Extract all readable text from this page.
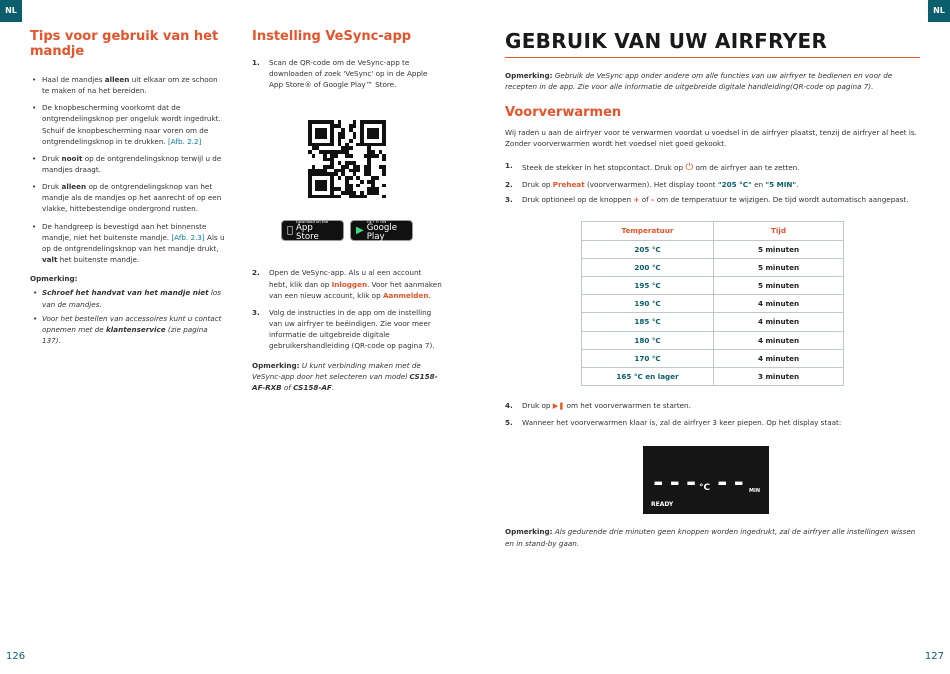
NL	NL
Tips voor gebruik van het mandje
• Haal de mandjes alleen uit elkaar om ze schoon te maken of na het bereiden.
• De knopbescherming voorkomt dat de ontgrendelingsknop per ongeluk wordt ingedrukt. Schuif de knopbescherming naar voren om de ontgrendelingsknop in te drukken. [Afb. 2.2]
• Druk nooit op de ontgrendelingsknop terwijl u de mandjes draagt.
• Druk alleen op de ontgrendelingsknop van het mandje als de mandjes op het aanrecht of op een vlakke, hittebestendige ondergrond rusten.
• De handgreep is bevestigd aan het binnenste mandje, niet het buitenste mandje. [Afb. 2.3] Als u op de ontgrendelingsknop van het mandje drukt, valt het buitenste mandje.
Opmerking:
• Schroef het handvat van het mandje niet los van de mandjes.
• Voor het bestellen van accessoires kunt u contact opnemen met de klantenservice (zie pagina 137).
Instelling VeSync-app
1. Scan de QR-code om de VeSync-app te downloaden of zoek 'VeSync' op in de Apple App Store® of Google Play™ Store.
Download on the
App Store ▶
GET IT ON
Google Play
2. Open de VeSync-app. Als u al een account hebt, klik dan op Inloggen. Voor het aanmaken van een nieuw account, klik op Aanmelden.
3. Volg de instructies in de app om de instelling van uw airfryer te beëindigen. Zie voor meer informatie de uitgebreide digitale gebruikershandleiding (QR-code op pagina 7).

Opmerking: U kunt verbinding maken met de VeSync-app door het selecteren van model CS158-AF-RXB of CS158-AF.

GEBRUIK VAN UW AIRFRYER

Opmerking: Gebruik de VeSync app onder andere om alle functies van uw airfryer te bedienen en voor de recepten in de app. Zie voor alle informatie de uitgebreide digitale handleiding(QR-code op pagina 7).

Voorverwarmen

Wij raden u aan de airfryer voor te verwarmen voordat u voedsel in de airfryer plaatst, tenzij de airfryer al heet is. Zonder voorverwarmen wordt het voedsel niet goed gekookt.

1. Steek de stekker in het stopcontact. Druk op ⏻ om de airfryer aan te zetten.
2. Druk op Preheat (voorverwarmen). Het display toont "205 °C" en "5 MIN".
3. Druk optioneel op de knoppen + of – om de temperatuur te wijzigen. De tijd wordt automatisch aangepast.
Temperatuur	Tijd
205 °C	5 minuten
200 °C	5 minuten
195 °C	5 minuten
190 °C	4 minuten
185 °C	4 minuten
180 °C	4 minuten
170 °C	4 minuten
165 °C en lager	3 minuten
4. Druk op ▶❚ om het voorverwarmen te starten.
5. Wanneer het voorverwarmen klaar is, zal de airfryer 3 keer piepen. Op het display staat:
---
°C -- MIN
READY

Opmerking: Als gedurende drie minuten geen knoppen worden ingedrukt, zal de airfryer alle instellingen wissen en in stand-by gaan.

126	127
